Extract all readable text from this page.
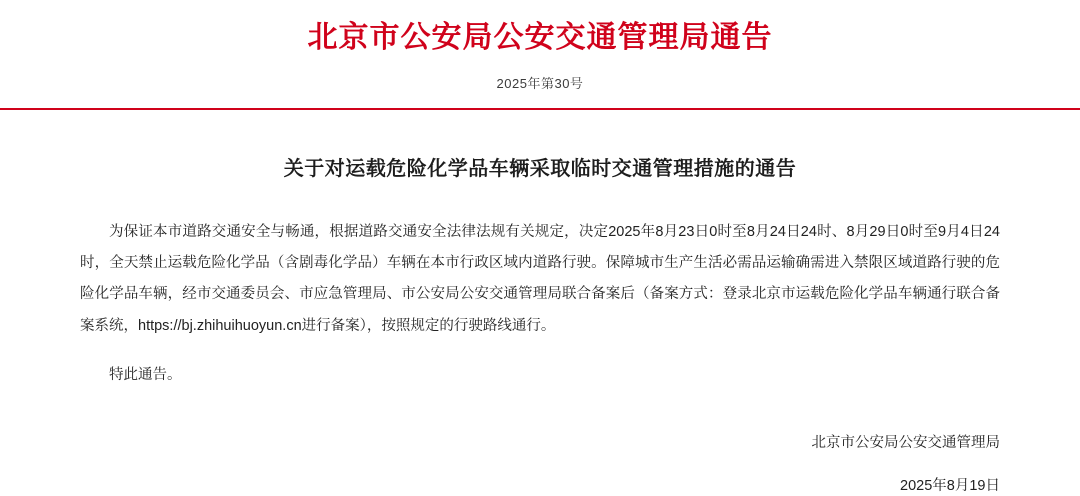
北京市公安局公安交通管理局通告
2025年第30号
关于对运载危险化学品车辆采取临时交通管理措施的通告
为保证本市道路交通安全与畅通，根据道路交通安全法律法规有关规定，决定2025年8月23日0时至8月24日24时、8月29日0时至9月4日24时，全天禁止运载危险化学品（含剧毒化学品）车辆在本市行政区域内道路行驶。保障城市生产生活必需品运输确需进入禁限区域道路行驶的危险化学品车辆，经市交通委员会、市应急管理局、市公安局公安交通管理局联合备案后（备案方式：登录北京市运载危险化学品车辆通行联合备案系统，https://bj.zhihuihuoyun.cn进行备案），按照规定的行驶路线通行。
特此通告。
北京市公安局公安交通管理局
2025年8月19日
